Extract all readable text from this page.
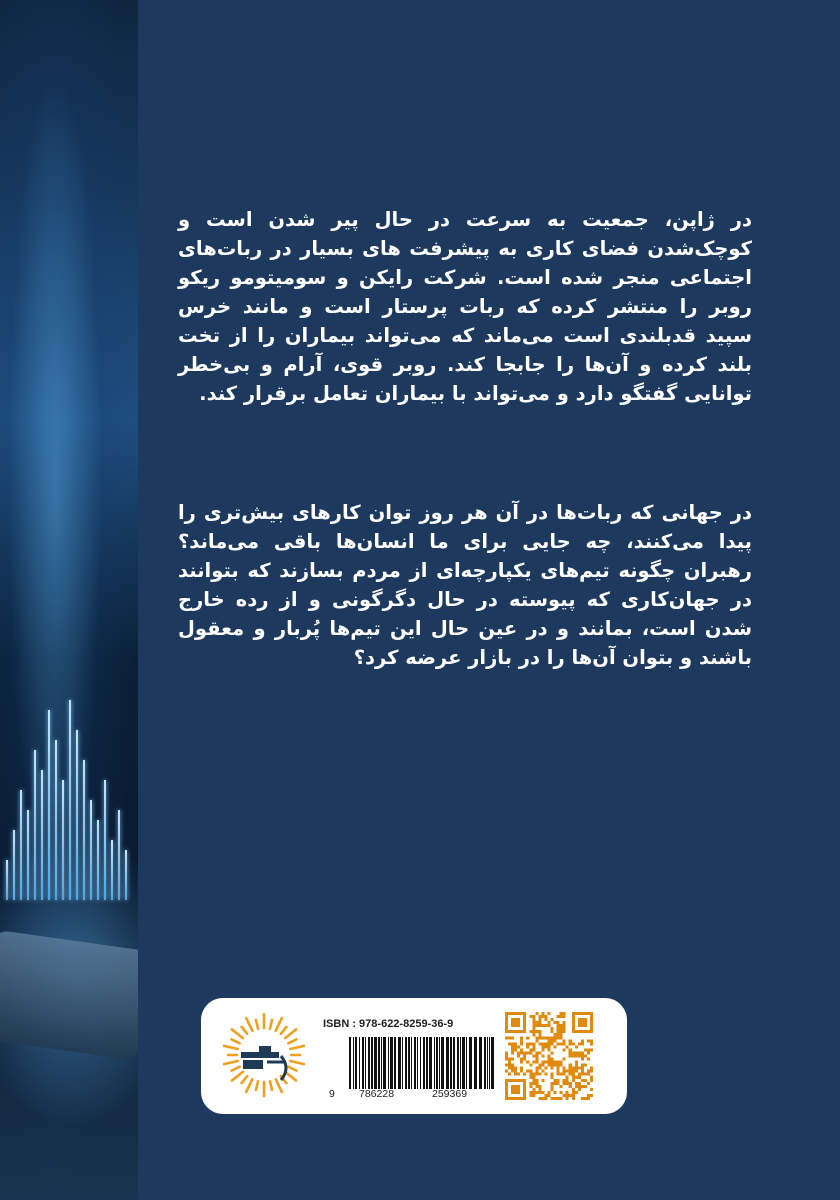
در ژاپن، جمعیت به سرعت در حال پیر شدن است و کوچک‌شدن فضای کاری به پیشرفت های بسیار در ربات‌های اجتماعی منجر شده است. شرکت رایکن و سومیتومو ریکو روبر را منتشر کرده که ربات پرستار است و مانند خرس سپید قدبلندی است می‌ماند که می‌تواند بیماران را از تخت بلند کرده و آن‌ها را جابجا کند. روبر قوی، آرام و بی‌خطر توانایی گفتگو دارد و می‌تواند با بیماران تعامل برقرار کند.

در جهانی که ربات‌ها در آن هر روز توان کارهای بیش‌تری را پیدا می‌کنند، چه جایی برای ما انسان‌ها باقی می‌ماند؟ رهبران چگونه تیم‌های یکپارچه‌ای از مردم بسازند که بتوانند در جهان‌کاری که پیوسته در حال دگرگونی و از رده خارج شدن است، بمانند و در عین حال این تیم‌ها پُربار و معقول باشند و بتوان آن‌ها را در بازار عرضه کرد؟

ISBN : 978-622-8259-36-9
9 786228	259369
